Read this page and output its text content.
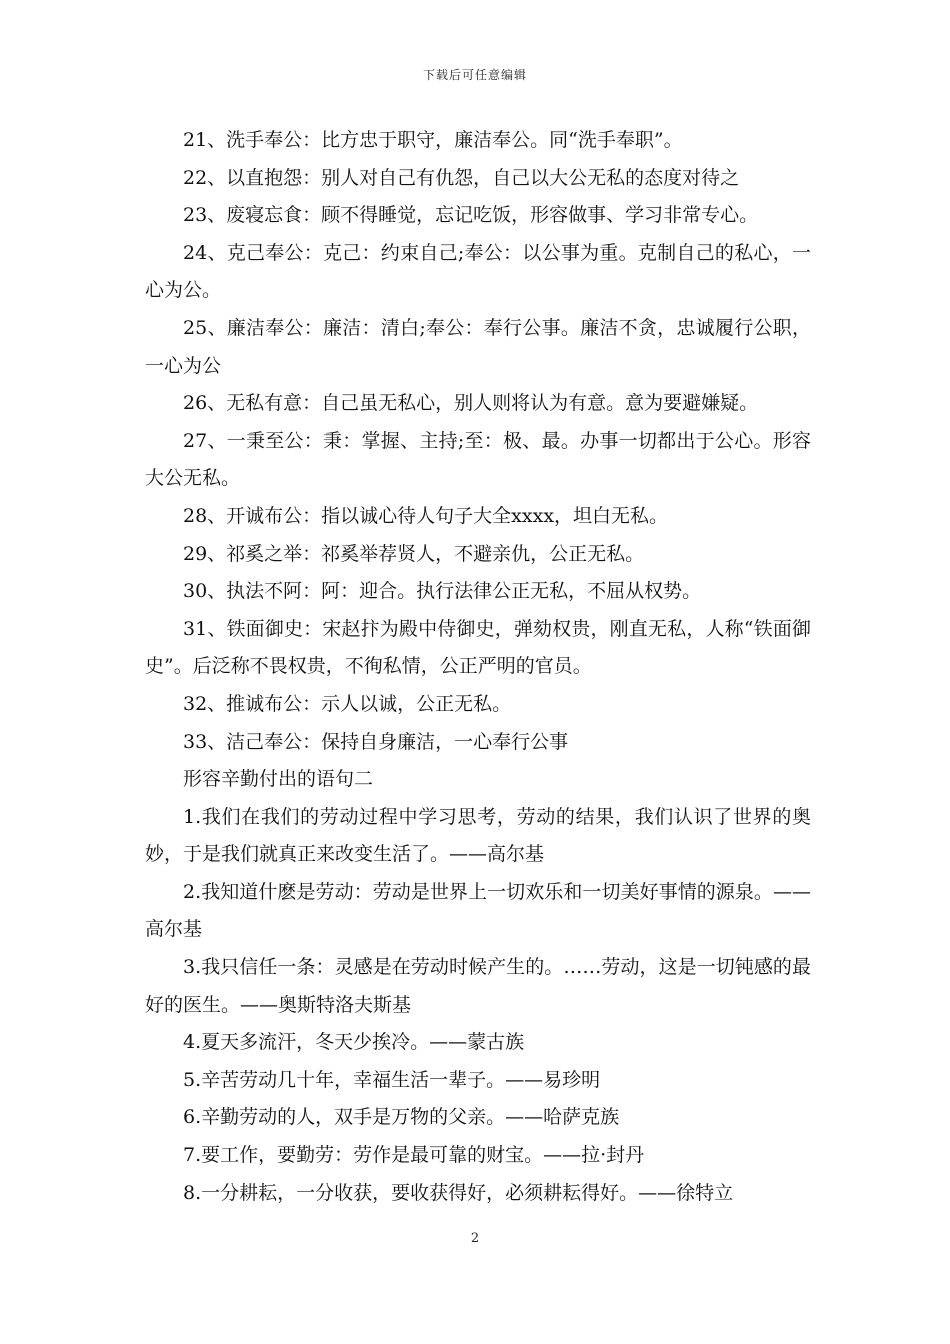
下载后可任意编辑

21、洗手奉公：比方忠于职守，廉洁奉公。同“洗手奉职”。

22、以直抱怨：别人对自己有仇怨，自己以大公无私的态度对待之

23、废寝忘食：顾不得睡觉，忘记吃饭，形容做事、学习非常专心。

24、克己奉公：克己：约束自己;奉公：以公事为重。克制自己的私心，一心为公。

25、廉洁奉公：廉洁：清白;奉公：奉行公事。廉洁不贪，忠诚履行公职，一心为公

26、无私有意：自己虽无私心，别人则将认为有意。意为要避嫌疑。

27、一秉至公：秉：掌握、主持;至：极、最。办事一切都出于公心。形容大公无私。

28、开诚布公：指以诚心待人句子大全xxxx，坦白无私。

29、祁奚之举：祁奚举荐贤人，不避亲仇，公正无私。

30、执法不阿：阿：迎合。执行法律公正无私，不屈从权势。

31、铁面御史：宋赵抃为殿中侍御史，弹劾权贵，刚直无私，人称“铁面御史”。后泛称不畏权贵，不徇私情，公正严明的官员。

32、推诚布公：示人以诚，公正无私。

33、洁己奉公：保持自身廉洁，一心奉行公事

形容辛勤付出的语句二

1.我们在我们的劳动过程中学习思考，劳动的结果，我们认识了世界的奥妙，于是我们就真正来改变生活了。——高尔基

2.我知道什麽是劳动：劳动是世界上一切欢乐和一切美好事情的源泉。——高尔基

3.我只信任一条：灵感是在劳动时候产生的。……劳动，这是一切钝感的最好的医生。——奥斯特洛夫斯基

4.夏天多流汗，冬天少挨冷。——蒙古族

5.辛苦劳动几十年，幸福生活一辈子。——易珍明

6.辛勤劳动的人，双手是万物的父亲。——哈萨克族

7.要工作，要勤劳：劳作是最可靠的财宝。——拉·封丹

8.一分耕耘，一分收获，要收获得好，必须耕耘得好。——徐特立

2
